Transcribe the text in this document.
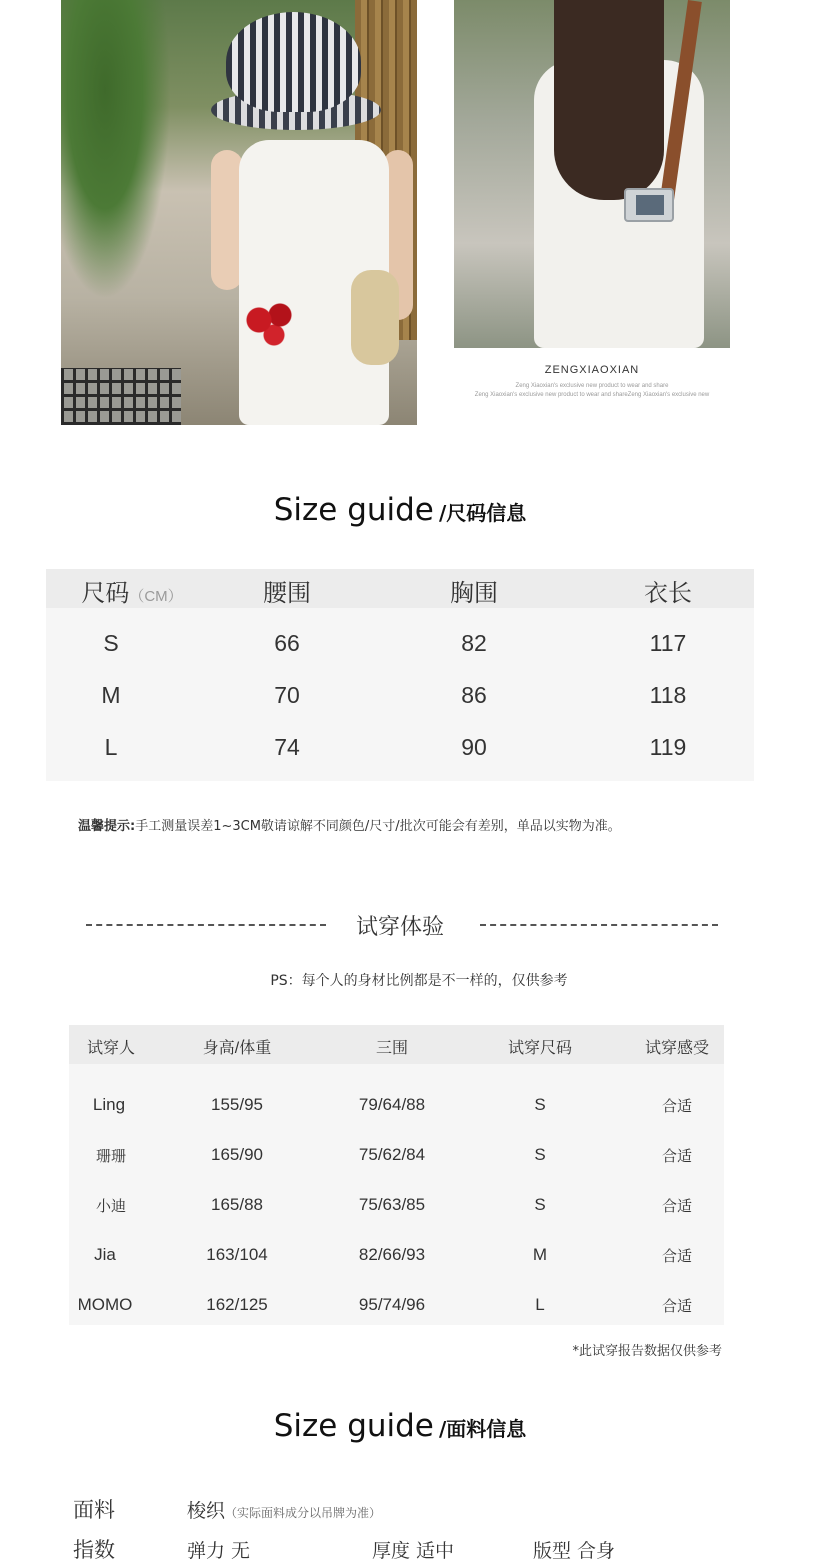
ZENGXIAOXIAN
Zeng Xiaoxian's exclusive new product to wear and share
Zeng Xiaoxian's exclusive new product to wear and shareZeng Xiaoxian's exclusive new
Size guide /尺码信息
尺码（CM）	腰围	胸围	衣长
S	66	82	117
M	70	86	118
L	74	90	119
温馨提示:手工测量误差1~3CM敬请谅解不同颜色/尺寸/批次可能会有差别，单品以实物为准。
试穿体验
PS：每个人的身材比例都是不一样的，仅供参考
试穿人	身高/体重	三围	试穿尺码	试穿感受
Ling	155/95	79/64/88	S	合适
珊珊	165/90	75/62/84	S	合适
小迪	165/88	75/63/85	S	合适
Jia	163/104	82/66/93	M	合适
MOMO	162/125	95/74/96	L	合适
*此试穿报告数据仅供参考
Size guide /面料信息
面料	梭织（实际面料成分以吊牌为准）
指数	弹力 无	厚度 适中	版型 合身
